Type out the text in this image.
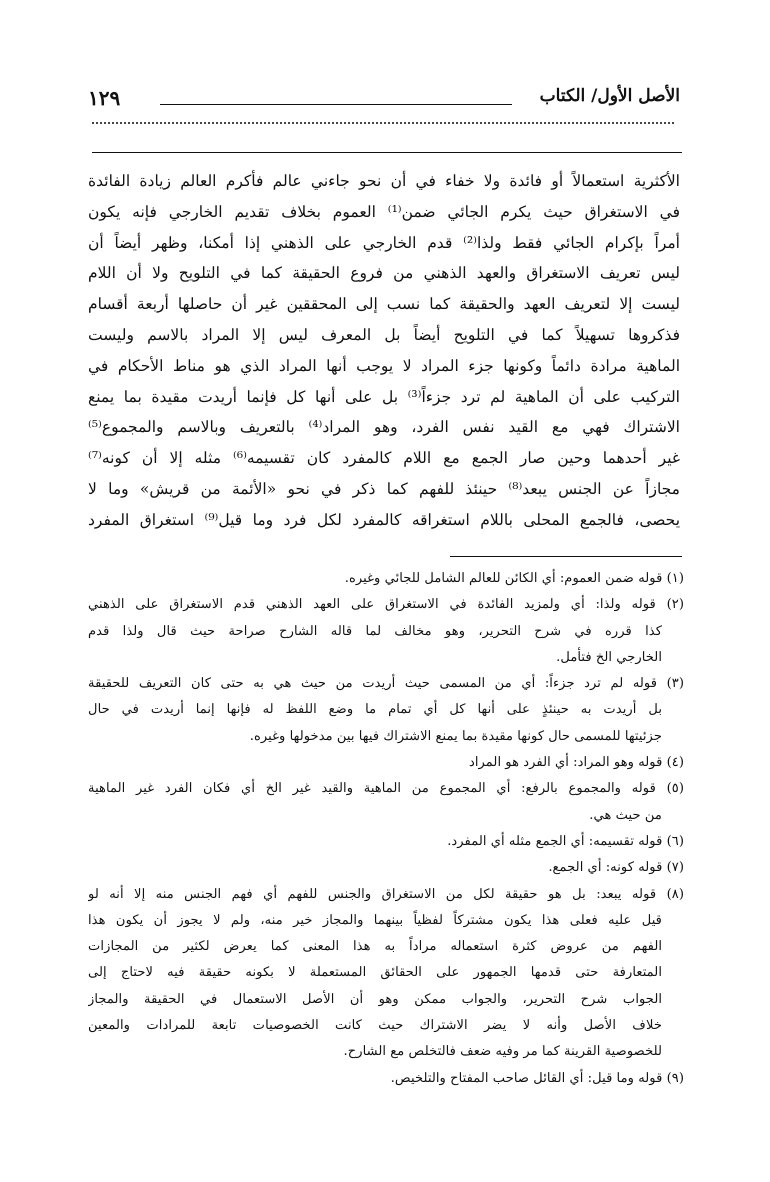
الأصل الأول/ الكتاب
١٢٩
الأكثرية استعمالاً أو فائدة ولا خفاء في أن نحو جاءني عالم فأكرم العالم زيادة الفائدة
في الاستغراق حيث يكرم الجائي ضمن⁽¹⁾ العموم بخلاف تقديم الخارجي فإنه يكون
أمراً بإكرام الجائي فقط ولذا⁽²⁾ قدم الخارجي على الذهني إذا أمكنا، وظهر أيضاً أن
ليس تعريف الاستغراق والعهد الذهني من فروع الحقيقة كما في التلويح ولا أن اللام
ليست إلا لتعريف العهد والحقيقة كما نسب إلى المحققين غير أن حاصلها أربعة أقسام
فذكروها تسهيلاً كما في التلويح أيضاً بل المعرف ليس إلا المراد بالاسم وليست
الماهية مرادة دائماً وكونها جزء المراد لا يوجب أنها المراد الذي هو مناط الأحكام في
التركيب على أن الماهية لم ترد جزءاً⁽³⁾ بل على أنها كل فإنما أريدت مقيدة بما يمنع
الاشتراك فهي مع القيد نفس الفرد، وهو المراد⁽⁴⁾ بالتعريف وبالاسم والمجموع⁽⁵⁾
غير أحدهما وحين صار الجمع مع اللام كالمفرد كان تقسيمه⁽⁶⁾ مثله إلا أن كونه⁽⁷⁾
مجازاً عن الجنس يبعد⁽⁸⁾ حينئذ للفهم كما ذكر في نحو «الأئمة من قريش» وما لا
يحصى، فالجمع المحلى باللام استغراقه كالمفرد لكل فرد وما قيل⁽⁹⁾ استغراق المفرد
(١) قوله ضمن العموم: أي الكائن للعالم الشامل للجائي وغيره.
(٢) قوله ولذا: أي ولمزيد الفائدة في الاستغراق على العهد الذهني قدم الاستغراق على الذهني
كذا قرره في شرح التحرير، وهو مخالف لما قاله الشارح صراحة حيث قال ولذا قدم
الخارجي الخ فتأمل.
(٣) قوله لم ترد جزءاً: أي من المسمى حيث أريدت من حيث هي به حتى كان التعريف للحقيقة
بل أريدت به حينئذٍ على أنها كل أي تمام ما وضع اللفظ له فإنها إنما أريدت في حال
جزئيتها للمسمى حال كونها مقيدة بما يمنع الاشتراك فيها بين مدخولها وغيره.
(٤) قوله وهو المراد: أي الفرد هو المراد
(٥) قوله والمجموع بالرفع: أي المجموع من الماهية والقيد غير الخ أي فكان الفرد غير الماهية
من حيث هي.
(٦) قوله تقسيمه: أي الجمع مثله أي المفرد.
(٧) قوله كونه: أي الجمع.
(٨) قوله يبعد: بل هو حقيقة لكل من الاستغراق والجنس للفهم أي فهم الجنس منه إلا أنه لو
قيل عليه فعلى هذا يكون مشتركاً لفظياً بينهما والمجاز خير منه، ولم لا يجوز أن يكون هذا
الفهم من عروض كثرة استعماله مراداً به هذا المعنى كما يعرض لكثير من المجازات
المتعارفة حتى قدمها الجمهور على الحقائق المستعملة لا بكونه حقيقة فيه لاحتاج إلى
الجواب شرح التحرير، والجواب ممكن وهو أن الأصل الاستعمال في الحقيقة والمجاز
خلاف الأصل وأنه لا يضر الاشتراك حيث كانت الخصوصيات تابعة للمرادات والمعين
للخصوصية القرينة كما مر وفيه ضعف فالتخلص مع الشارح.
(٩) قوله وما قيل: أي القائل صاحب المفتاح والتلخيص.
